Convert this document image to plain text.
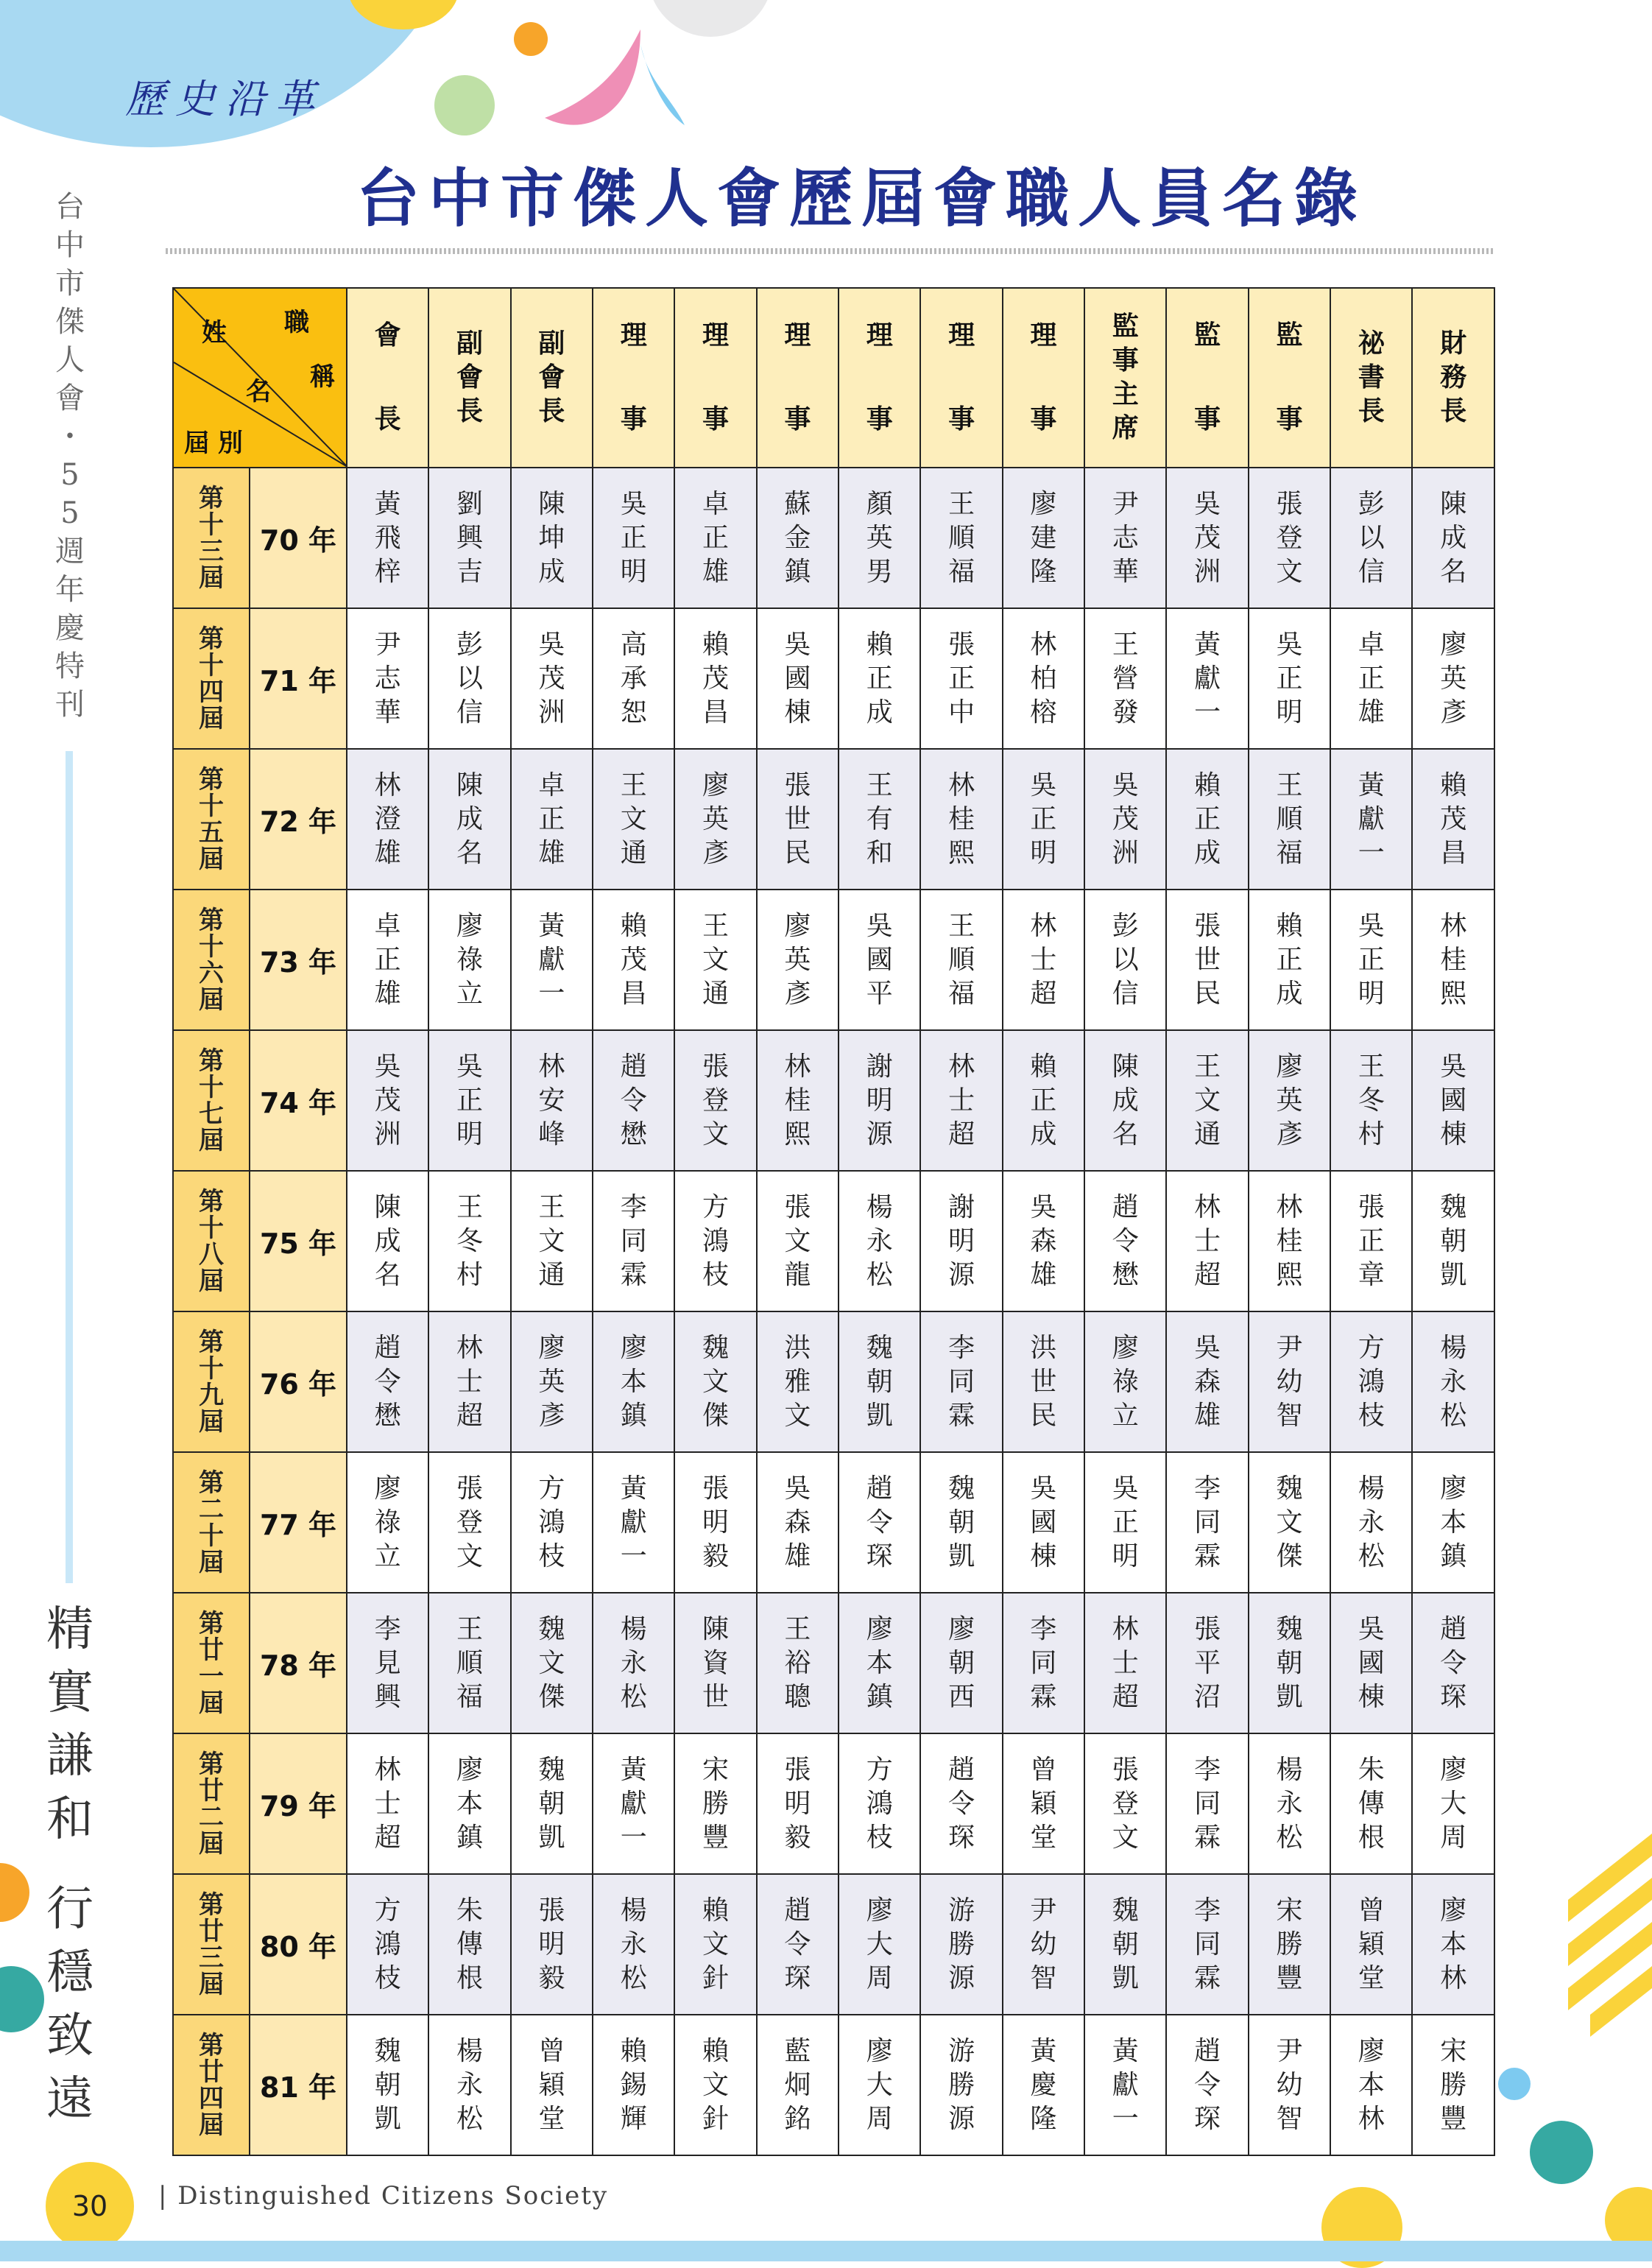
歷史沿革
台中市傑人會歷屆會職人員名錄
台
中
市
傑
人
會
・
5
5
週
年
慶
特
刊
精
實
謙
和
行
穩
致
遠
姓 職
稱
名
屆 別		會
長	副
會
長	副
會
長	理
事	理
事	理
事	理
事	理
事	理
事	監
事
主
席	監
事	監
事	祕
書
長	財
務
長

第
十
三
屆	70 年	黃
飛
梓	劉
興
吉	陳
坤
成	吳
正
明	卓
正
雄	蘇
金
鎮	顏
英
男	王
順
福	廖
建
隆	尹
志
華	吳
茂
洲	張
登
文	彭
以
信	陳
成
名

第
十
四
屆	71 年	尹
志
華	彭
以
信	吳
茂
洲	高
承
恕	賴
茂
昌	吳
國
棟	賴
正
成	張
正
中	林
柏
榕	王
營
發	黃
獻
一	吳
正
明	卓
正
雄	廖
英
彥

第
十
五
屆	72 年	林
澄
雄	陳
成
名	卓
正
雄	王
文
通	廖
英
彥	張
世
民	王
有
和	林
桂
熙	吳
正
明	吳
茂
洲	賴
正
成	王
順
福	黃
獻
一	賴
茂
昌

第
十
六
屆	73 年	卓
正
雄	廖
祿
立	黃
獻
一	賴
茂
昌	王
文
通	廖
英
彥	吳
國
平	王
順
福	林
士
超	彭
以
信	張
世
民	賴
正
成	吳
正
明	林
桂
熙

第
十
七
屆	74 年	吳
茂
洲	吳
正
明	林
安
峰	趙
令
懋	張
登
文	林
桂
熙	謝
明
源	林
士
超	賴
正
成	陳
成
名	王
文
通	廖
英
彥	王
冬
村	吳
國
棟

第
十
八
屆	75 年	陳
成
名	王
冬
村	王
文
通	李
同
霖	方
鴻
枝	張
文
龍	楊
永
松	謝
明
源	吳
森
雄	趙
令
懋	林
士
超	林
桂
熙	張
正
章	魏
朝
凱

第
十
九
屆	76 年	趙
令
懋	林
士
超	廖
英
彥	廖
本
鎮	魏
文
傑	洪
雅
文	魏
朝
凱	李
同
霖	洪
世
民	廖
祿
立	吳
森
雄	尹
幼
智	方
鴻
枝	楊
永
松

第
二
十
屆	77 年	廖
祿
立	張
登
文	方
鴻
枝	黃
獻
一	張
明
毅	吳
森
雄	趙
令
琛	魏
朝
凱	吳
國
棟	吳
正
明	李
同
霖	魏
文
傑	楊
永
松	廖
本
鎮

第
廿
一
屆	78 年	李
見
興	王
順
福	魏
文
傑	楊
永
松	陳
資
世	王
裕
聰	廖
本
鎮	廖
朝
西	李
同
霖	林
士
超	張
平
沼	魏
朝
凱	吳
國
棟	趙
令
琛

第
廿
二
屆	79 年	林
士
超	廖
本
鎮	魏
朝
凱	黃
獻
一	宋
勝
豐	張
明
毅	方
鴻
枝	趙
令
琛	曾
穎
堂	張
登
文	李
同
霖	楊
永
松	朱
傳
根	廖
大
周

第
廿
三
屆	80 年	方
鴻
枝	朱
傳
根	張
明
毅	楊
永
松	賴
文
針	趙
令
琛	廖
大
周	游
勝
源	尹
幼
智	魏
朝
凱	李
同
霖	宋
勝
豐	曾
穎
堂	廖
本
林

第
廿
四
屆	81 年	魏
朝
凱	楊
永
松	曾
穎
堂	賴
錫
輝	賴
文
針	藍
炯
銘	廖
大
周	游
勝
源	黃
慶
隆	黃
獻
一	趙
令
琛	尹
幼
智	廖
本
林	宋
勝
豐
30	| Distinguished Citizens Society
